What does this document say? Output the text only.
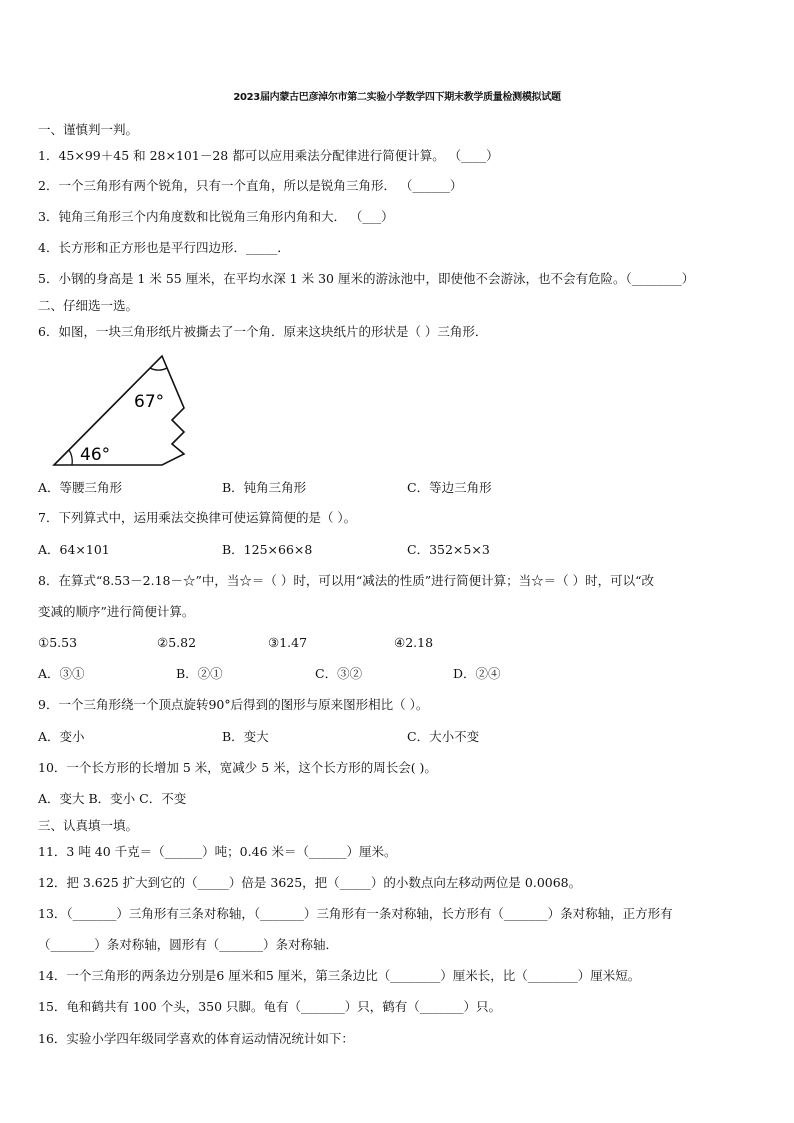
2023届内蒙古巴彦淖尔市第二实验小学数学四下期末教学质量检测模拟试题
一、谨慎判一判。
1．45×99＋45 和 28×101－28 都可以应用乘法分配律进行简便计算。 （____）
2．一个三角形有两个锐角，只有一个直角，所以是锐角三角形． （______）
3．钝角三角形三个内角度数和比锐角三角形内角和大． （___）
4．长方形和正方形也是平行四边形．_____．
5．小钢的身高是 1 米 55 厘米，在平均水深 1 米 30 厘米的游泳池中，即使他不会游泳，也不会有危险。（________）
二、仔细选一选。
6．如图，一块三角形纸片被撕去了一个角．原来这块纸片的形状是（ ）三角形．
67°
46°
A．等腰三角形	B．钝角三角形	C．等边三角形
7．下列算式中，运用乘法交换律可使运算简便的是（ ）。
A．64×101	B．125×66×8	C．352×5×3
8．在算式“8.53－2.18－☆”中，当☆＝（ ）时，可以用“减法的性质”进行简便计算；当☆＝（ ）时，可以“改
变减的顺序”进行简便计算。
①5.53	②5.82	③1.47	④2.18
A．③①	B．②①	C．③②	D．②④
9．一个三角形绕一个顶点旋转90°后得到的图形与原来图形相比（ ）。
A．变小	B．变大	C．大小不变
10．一个长方形的长增加 5 米，宽减少 5 米，这个长方形的周长会( )。
A．变大 B．变小 C．不变
三、认真填一填。
11．3 吨 40 千克＝（______）吨；0.46 米＝（______）厘米。
12．把 3.625 扩大到它的（_____）倍是 3625，把（_____）的小数点向左移动两位是 0.0068。
13．（_______）三角形有三条对称轴，（_______）三角形有一条对称轴，长方形有（_______）条对称轴，正方形有
（_______）条对称轴，圆形有（_______）条对称轴．
14．一个三角形的两条边分别是6 厘米和5 厘米，第三条边比（________）厘米长，比（________）厘米短。
15．龟和鹤共有 100 个头，350 只脚。龟有（_______）只，鹤有（_______）只。
16．实验小学四年级同学喜欢的体育运动情况统计如下：
